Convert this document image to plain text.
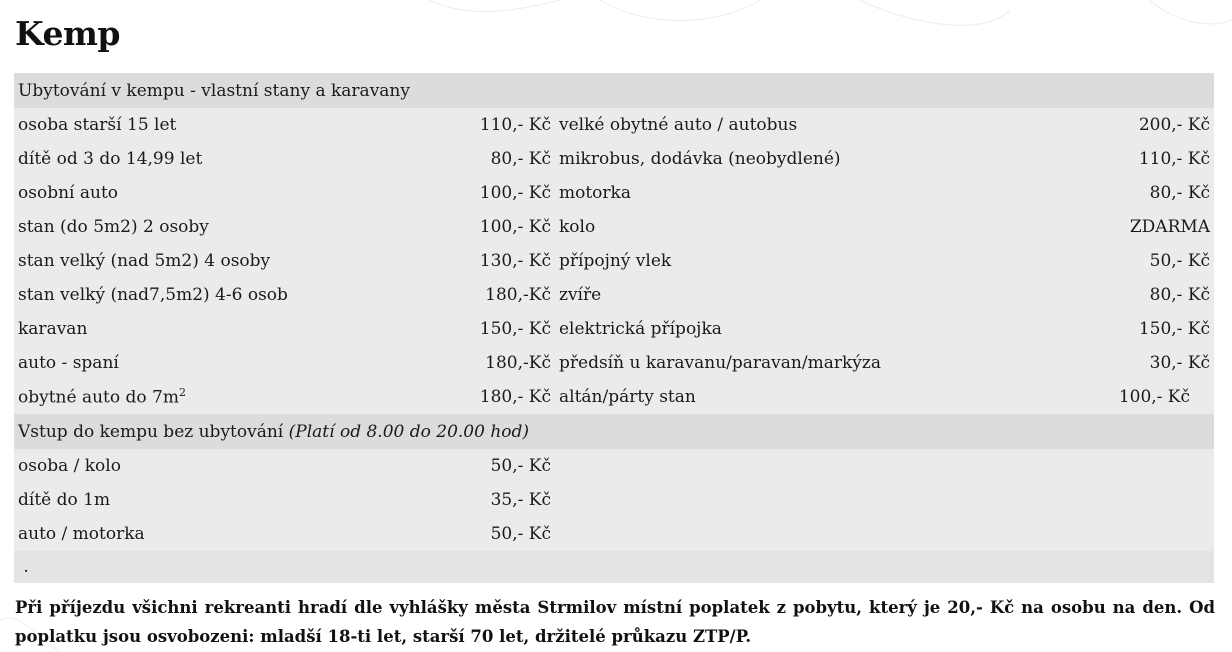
Kemp
Ubytování v kempu - vlastní stany a karavany			
osoba starší 15 let	110,- Kč	velké obytné auto / autobus	200,- Kč
dítě od 3 do 14,99 let	80,- Kč	mikrobus, dodávka (neobydlené)	110,- Kč
osobní auto	100,- Kč	motorka	80,- Kč
stan (do 5m2) 2 osoby	100,- Kč	kolo	ZDARMA
stan velký (nad 5m2) 4 osoby	130,- Kč	přípojný vlek	50,- Kč
stan velký (nad7,5m2) 4-6 osob	180,-Kč	zvíře	80,- Kč
karavan	150,- Kč	elektrická přípojka	150,- Kč
auto - spaní	180,-Kč	předsíň u karavanu/paravan/markýza	30,- Kč
obytné auto do $7m^2$	180,- Kč	altán/párty stan	100,- Kč
Vstup do kempu bez ubytování (Platí od 8.00 do 20.00 hod)			
osoba / kolo	50,- Kč		
dítě do 1m	35,- Kč		
auto / motorka	50,- Kč		
.			

Při příjezdu všichni rekreanti hradí dle vyhlášky města Strmilov místní poplatek z pobytu, který je 20,- Kč na osobu na den. Od poplatku jsou osvobozeni: mladší 18-ti let, starší 70 let, držitelé průkazu ZTP/P.
